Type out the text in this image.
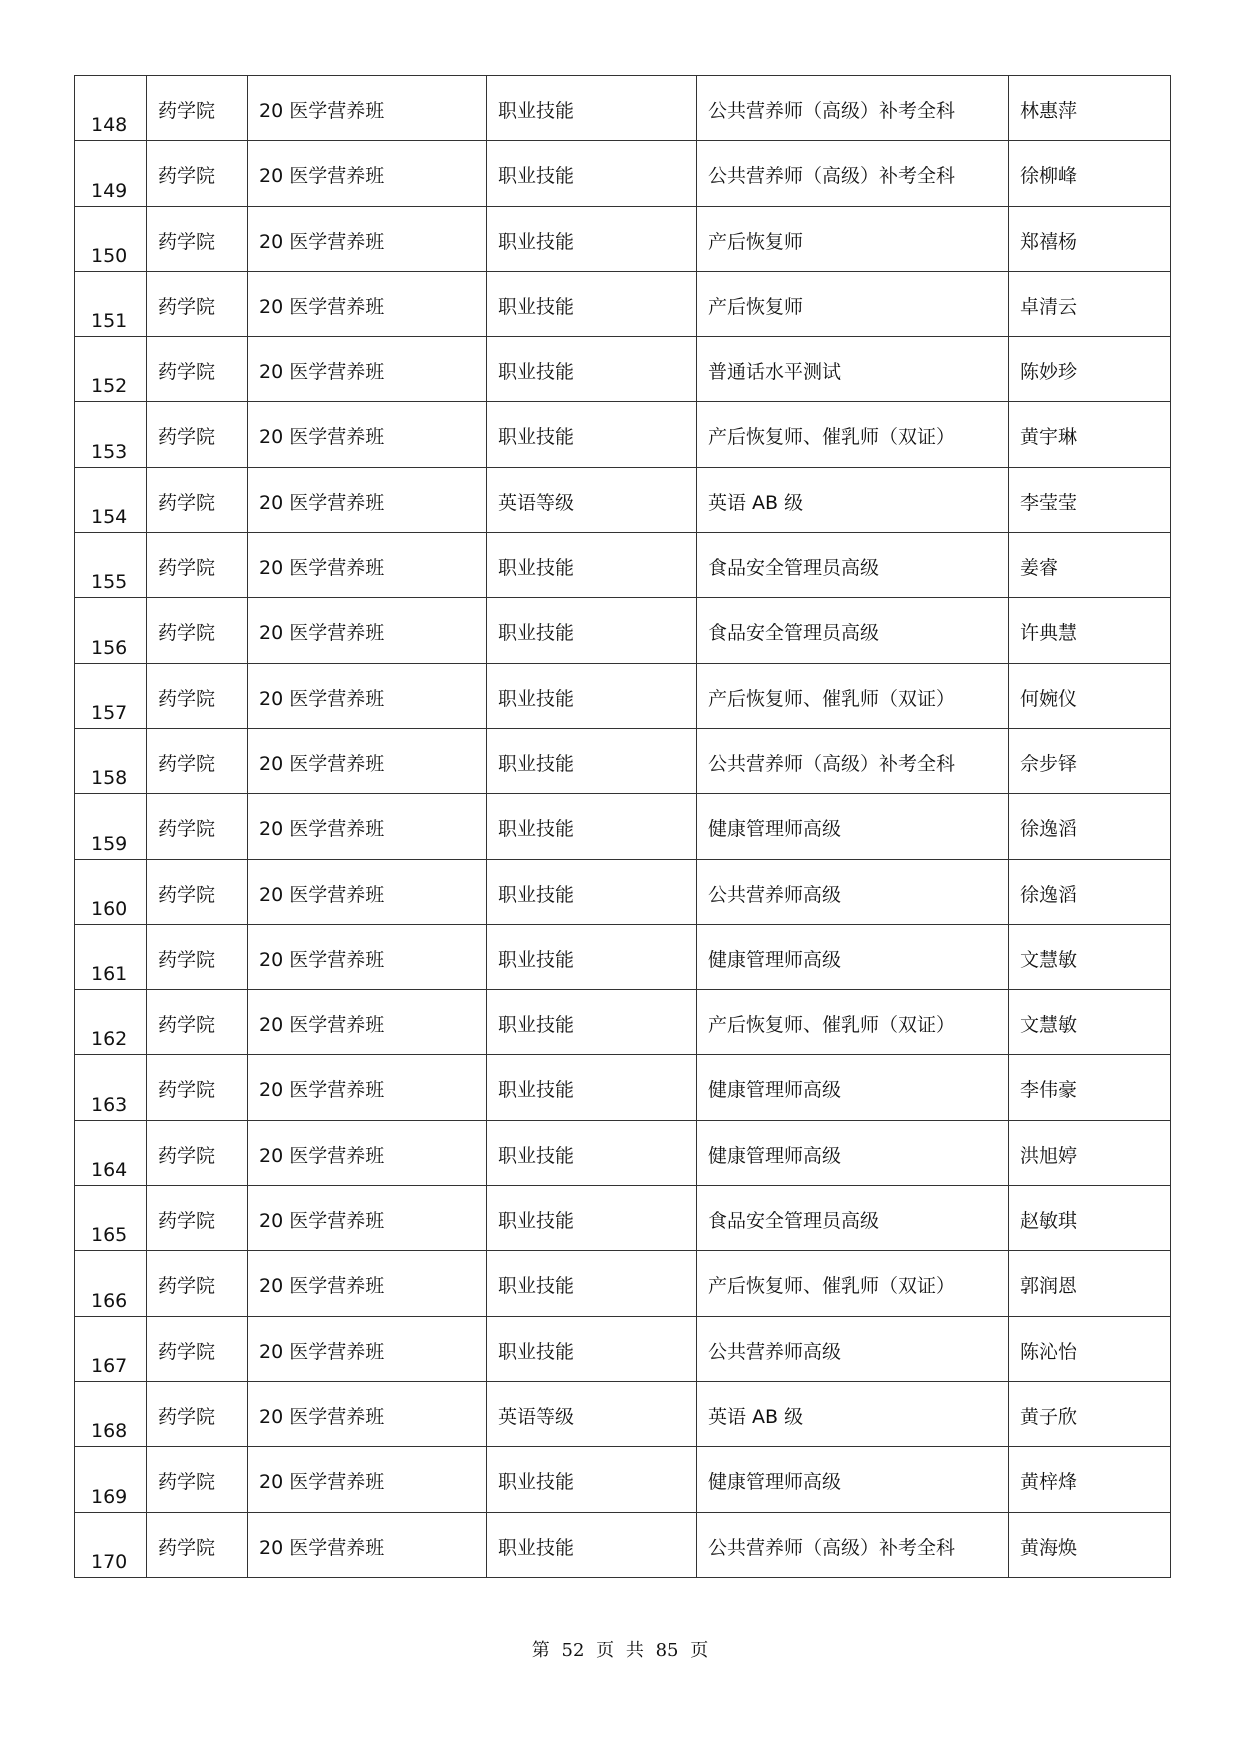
148	药学院	20 医学营养班	职业技能	公共营养师（高级）补考全科	林惠萍

149	药学院	20 医学营养班	职业技能	公共营养师（高级）补考全科	徐柳峰

150	药学院	20 医学营养班	职业技能	产后恢复师	郑禧杨

151	药学院	20 医学营养班	职业技能	产后恢复师	卓清云

152	药学院	20 医学营养班	职业技能	普通话水平测试	陈妙珍

153	药学院	20 医学营养班	职业技能	产后恢复师、催乳师（双证）	黄宇琳

154	药学院	20 医学营养班	英语等级	英语 AB 级	李莹莹

155	药学院	20 医学营养班	职业技能	食品安全管理员高级	姜睿

156	药学院	20 医学营养班	职业技能	食品安全管理员高级	许典慧

157	药学院	20 医学营养班	职业技能	产后恢复师、催乳师（双证）	何婉仪

158	药学院	20 医学营养班	职业技能	公共营养师（高级）补考全科	佘步铎

159	药学院	20 医学营养班	职业技能	健康管理师高级	徐逸滔

160	药学院	20 医学营养班	职业技能	公共营养师高级	徐逸滔

161	药学院	20 医学营养班	职业技能	健康管理师高级	文慧敏

162	药学院	20 医学营养班	职业技能	产后恢复师、催乳师（双证）	文慧敏

163	药学院	20 医学营养班	职业技能	健康管理师高级	李伟豪

164	药学院	20 医学营养班	职业技能	健康管理师高级	洪旭婷

165	药学院	20 医学营养班	职业技能	食品安全管理员高级	赵敏琪

166	药学院	20 医学营养班	职业技能	产后恢复师、催乳师（双证）	郭润恩

167	药学院	20 医学营养班	职业技能	公共营养师高级	陈沁怡

168	药学院	20 医学营养班	英语等级	英语 AB 级	黄子欣

169	药学院	20 医学营养班	职业技能	健康管理师高级	黄梓烽

170	药学院	20 医学营养班	职业技能	公共营养师（高级）补考全科	黄海焕
第 52 页 共 85 页
